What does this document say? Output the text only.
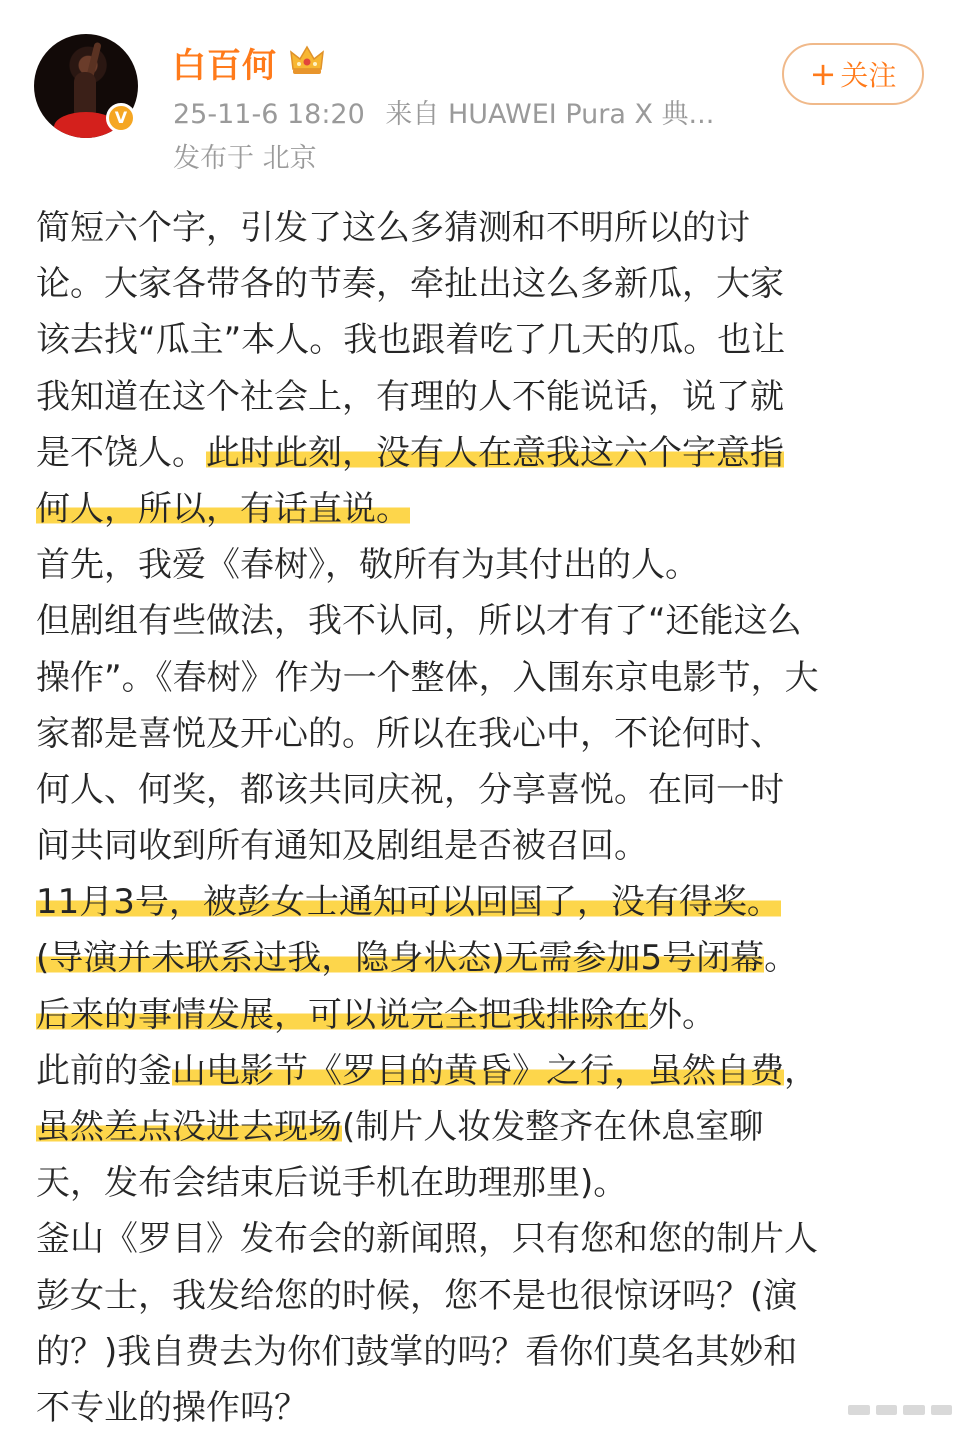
V
白百何
25-11-6 18:20 来自 HUAWEI Pura X 典...
发布于 北京
+ 关注
简短六个字，引发了这么多猜测和不明所以的讨
论。大家各带各的节奏，牵扯出这么多新瓜，大家
该去找“瓜主”本人。我也跟着吃了几天的瓜。也让
我知道在这个社会上，有理的人不能说话，说了就
是不饶人。此时此刻，没有人在意我这六个字意指
何人，所以，有话直说。
首先，我爱《春树》，敬所有为其付出的人。
但剧组有些做法，我不认同，所以才有了“还能这么
操作”。《春树》作为一个整体，入围东京电影节，大
家都是喜悦及开心的。所以在我心中，不论何时、
何人、何奖，都该共同庆祝，分享喜悦。在同一时
间共同收到所有通知及剧组是否被召回。
11月3号，被彭女士通知可以回国了，没有得奖。
(导演并未联系过我，隐身状态)无需参加5号闭幕。
后来的事情发展，可以说完全把我排除在外。
此前的釜山电影节《罗目的黄昏》之行，虽然自费，
虽然差点没进去现场(制片人妆发整齐在休息室聊
天，发布会结束后说手机在助理那里)。
釜山《罗目》发布会的新闻照，只有您和您的制片人
彭女士，我发给您的时候，您不是也很惊讶吗？(演
的？)我自费去为你们鼓掌的吗？看你们莫名其妙和
不专业的操作吗？
